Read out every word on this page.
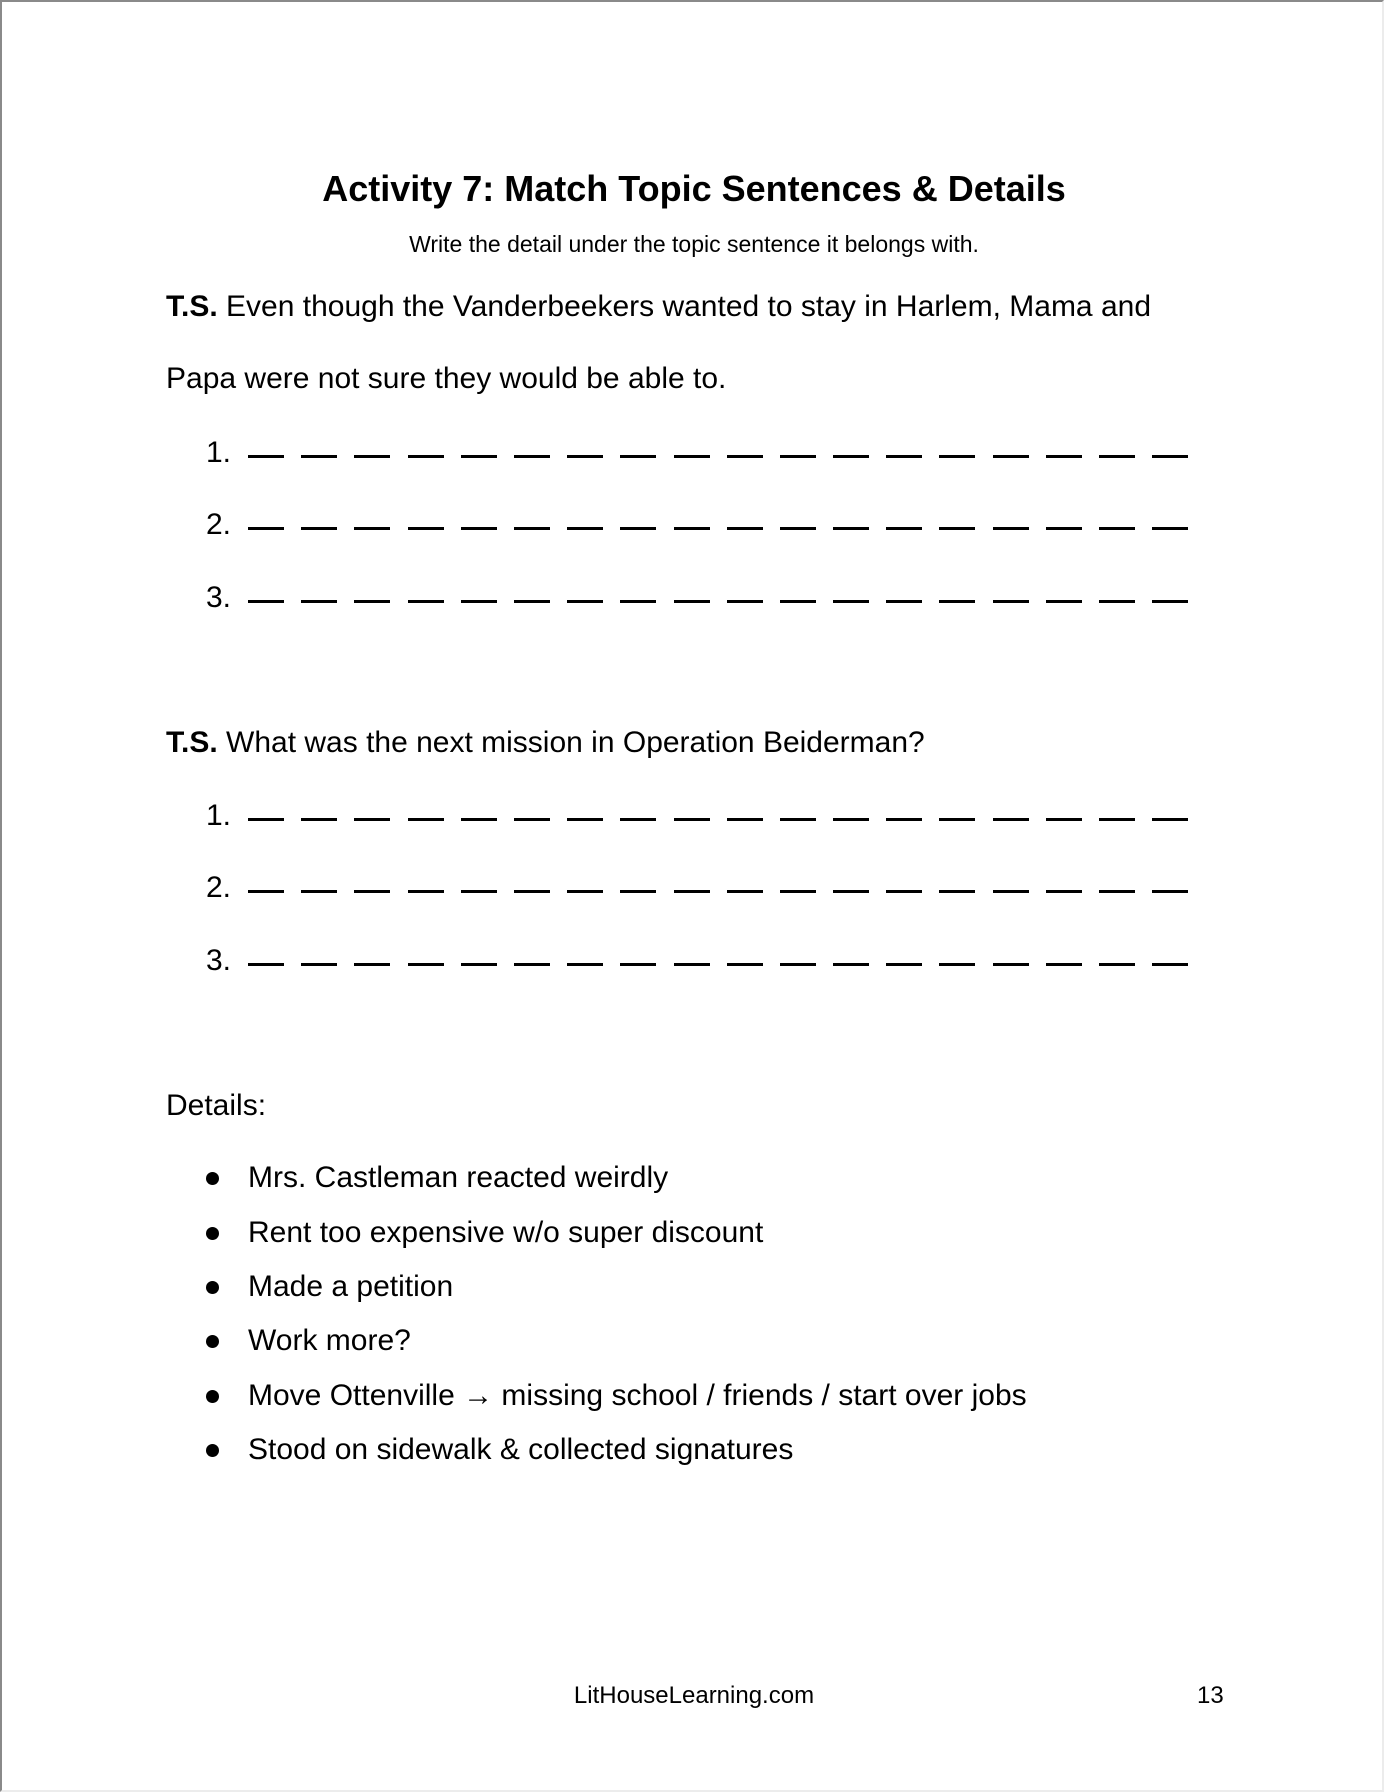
Activity 7: Match Topic Sentences & Details
Write the detail under the topic sentence it belongs with.
T.S. Even though the Vanderbeekers wanted to stay in Harlem, Mama and
Papa were not sure they would be able to.
1.
2.
3.
T.S. What was the next mission in Operation Beiderman?
1.
2.
3.
Details:
Mrs. Castleman reacted weirdly
Rent too expensive w/o super discount
Made a petition
Work more?
Move Ottenville → missing school / friends / start over jobs
Stood on sidewalk & collected signatures
LitHouseLearning.com	13
